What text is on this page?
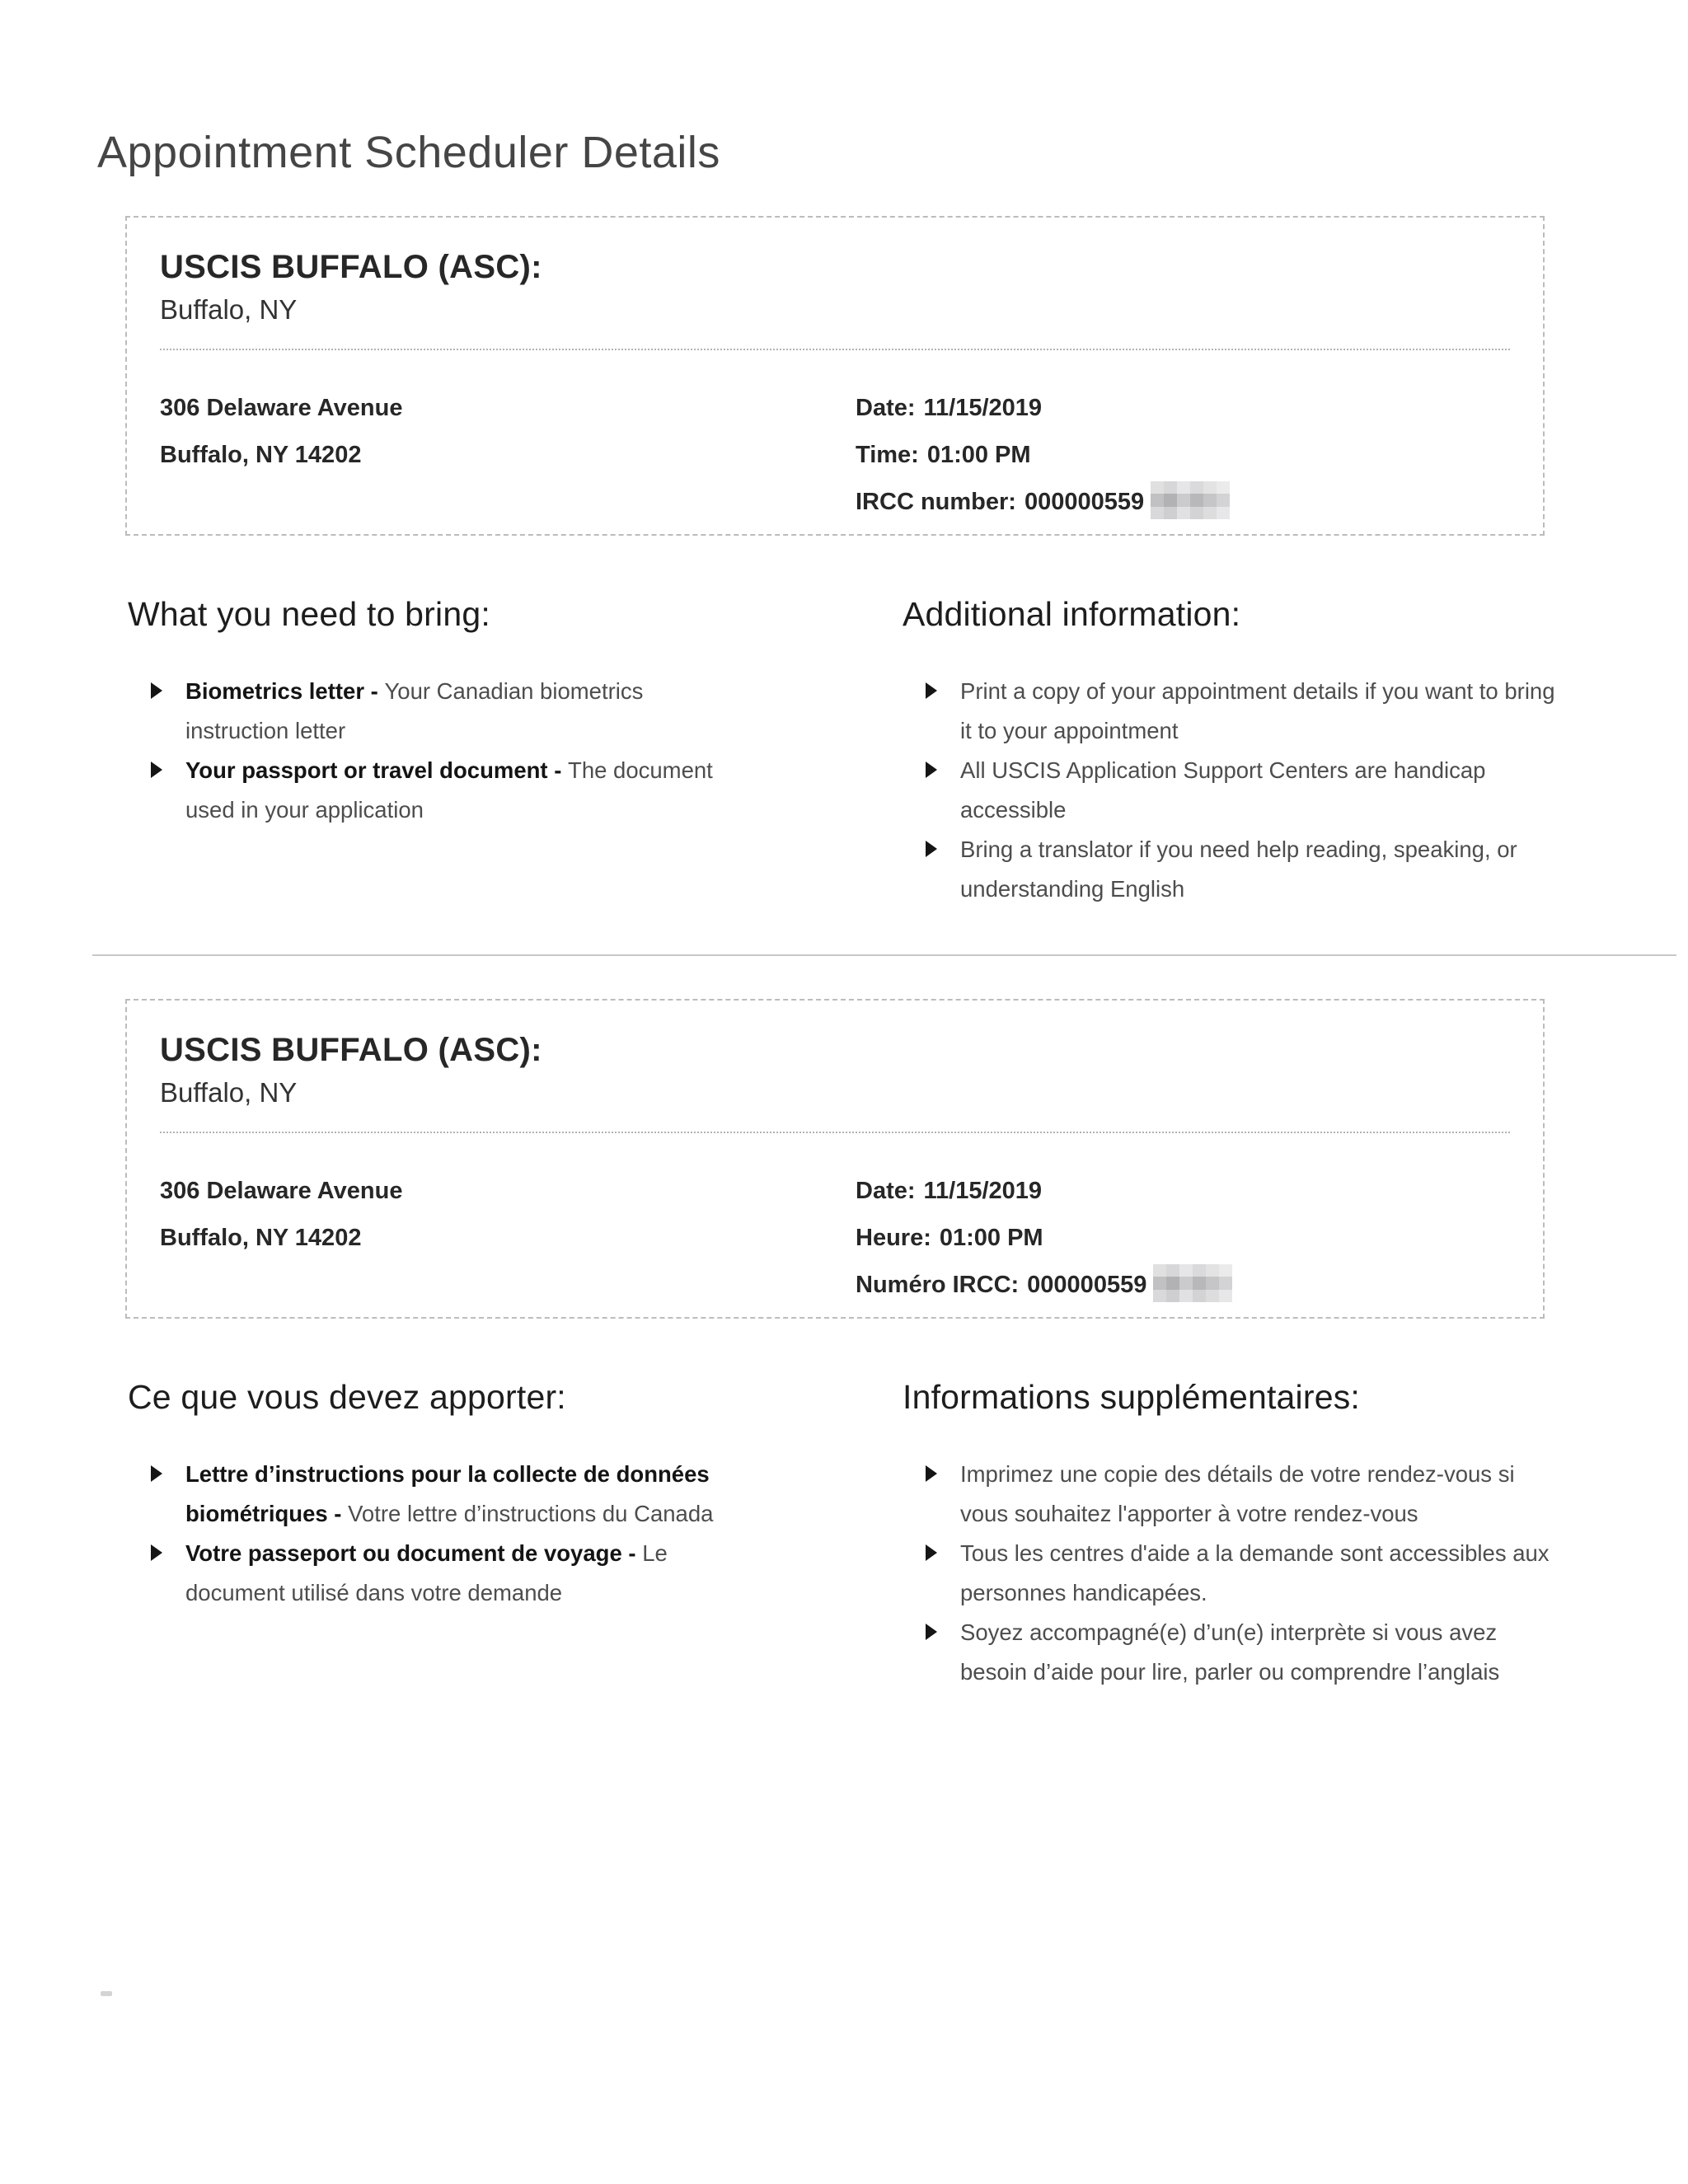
Appointment Scheduler Details
USCIS BUFFALO (ASC):
Buffalo, NY
306 Delaware Avenue
Buffalo, NY 14202
Date: 11/15/2019
Time: 01:00 PM
IRCC number: 000000559
What you need to bring:
Biometrics letter - Your Canadian biometrics instruction letter
Your passport or travel document - The document used in your application
Additional information:
Print a copy of your appointment details if you want to bring it to your appointment
All USCIS Application Support Centers are handicap accessible
Bring a translator if you need help reading, speaking, or understanding English
USCIS BUFFALO (ASC):
Buffalo, NY
306 Delaware Avenue
Buffalo, NY 14202
Date: 11/15/2019
Heure: 01:00 PM
Numéro IRCC: 000000559
Ce que vous devez apporter:
Lettre d’instructions pour la collecte de données biométriques - Votre lettre d’instructions du Canada
Votre passeport ou document de voyage - Le document utilisé dans votre demande
Informations supplémentaires:
Imprimez une copie des détails de votre rendez-vous si vous souhaitez l'apporter à votre rendez-vous
Tous les centres d'aide a la demande sont accessibles aux personnes handicapées.
Soyez accompagné(e) d’un(e) interprète si vous avez besoin d’aide pour lire, parler ou comprendre l’anglais
